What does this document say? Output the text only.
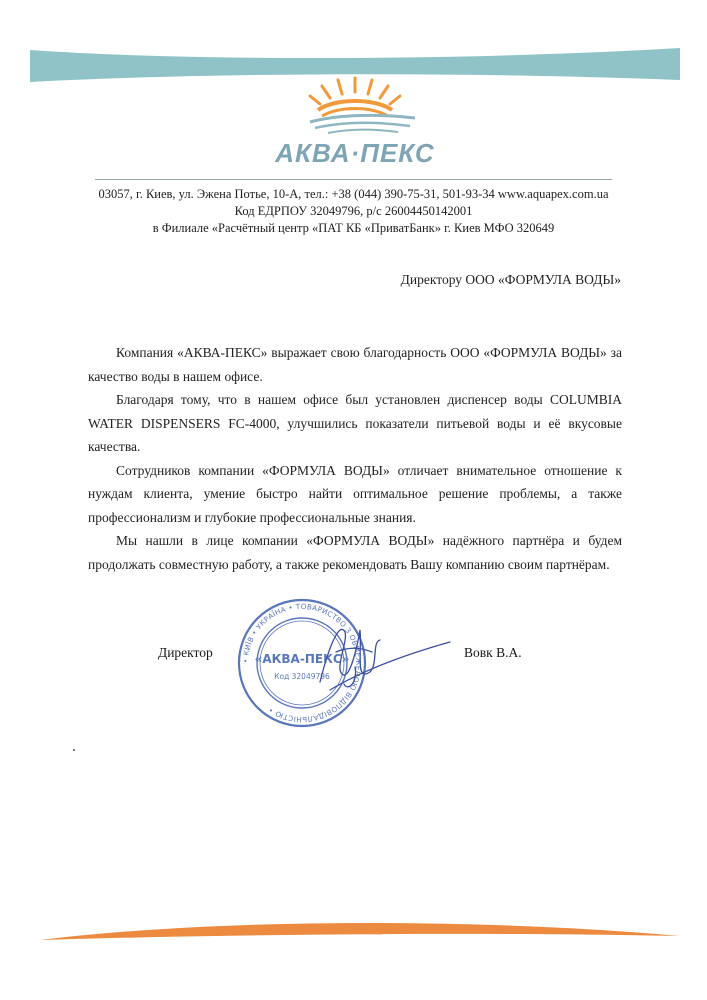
АКВА·ПЕКС
03057, г. Киев, ул. Эжена Потье, 10-А, тел.: +38 (044) 390-75-31, 501-93-34 www.aquapex.com.ua
Код ЕДРПОУ 32049796, р/с 26004450142001
в Филиале «Расчётный центр «ПАТ КБ «ПриватБанк» г. Киев МФО 320649
Директору ООО «ФОРМУЛА ВОДЫ»

Компания «АКВА-ПЕКС» выражает свою благодарность ООО «ФОРМУЛА ВОДЫ» за качество воды в нашем офисе.

Благодаря тому, что в нашем офисе был установлен диспенсер воды COLUMBIA WATER DISPENSERS FC-4000, улучшились показатели питьевой воды и её вкусовые качества.

Сотрудников компании «ФОРМУЛА ВОДЫ» отличает внимательное отношение к нуждам клиента, умение быстро найти оптимальное решение проблемы, а также профессионализм и глубокие профессиональные знания.

Мы нашли в лице компании «ФОРМУЛА ВОДЫ» надёжного партнёра и будем продолжать совместную работу, а также рекомендовать Вашу компанию своим партнёрам.

Директор	Вовк В.А.
• КИЇВ • УКРАЇНА • ТОВАРИСТВО З ОБМЕЖЕНОЮ ВІДПОВІДАЛЬНІСТЮ •
«АКВА-ПЕКС»
Код 32049796
